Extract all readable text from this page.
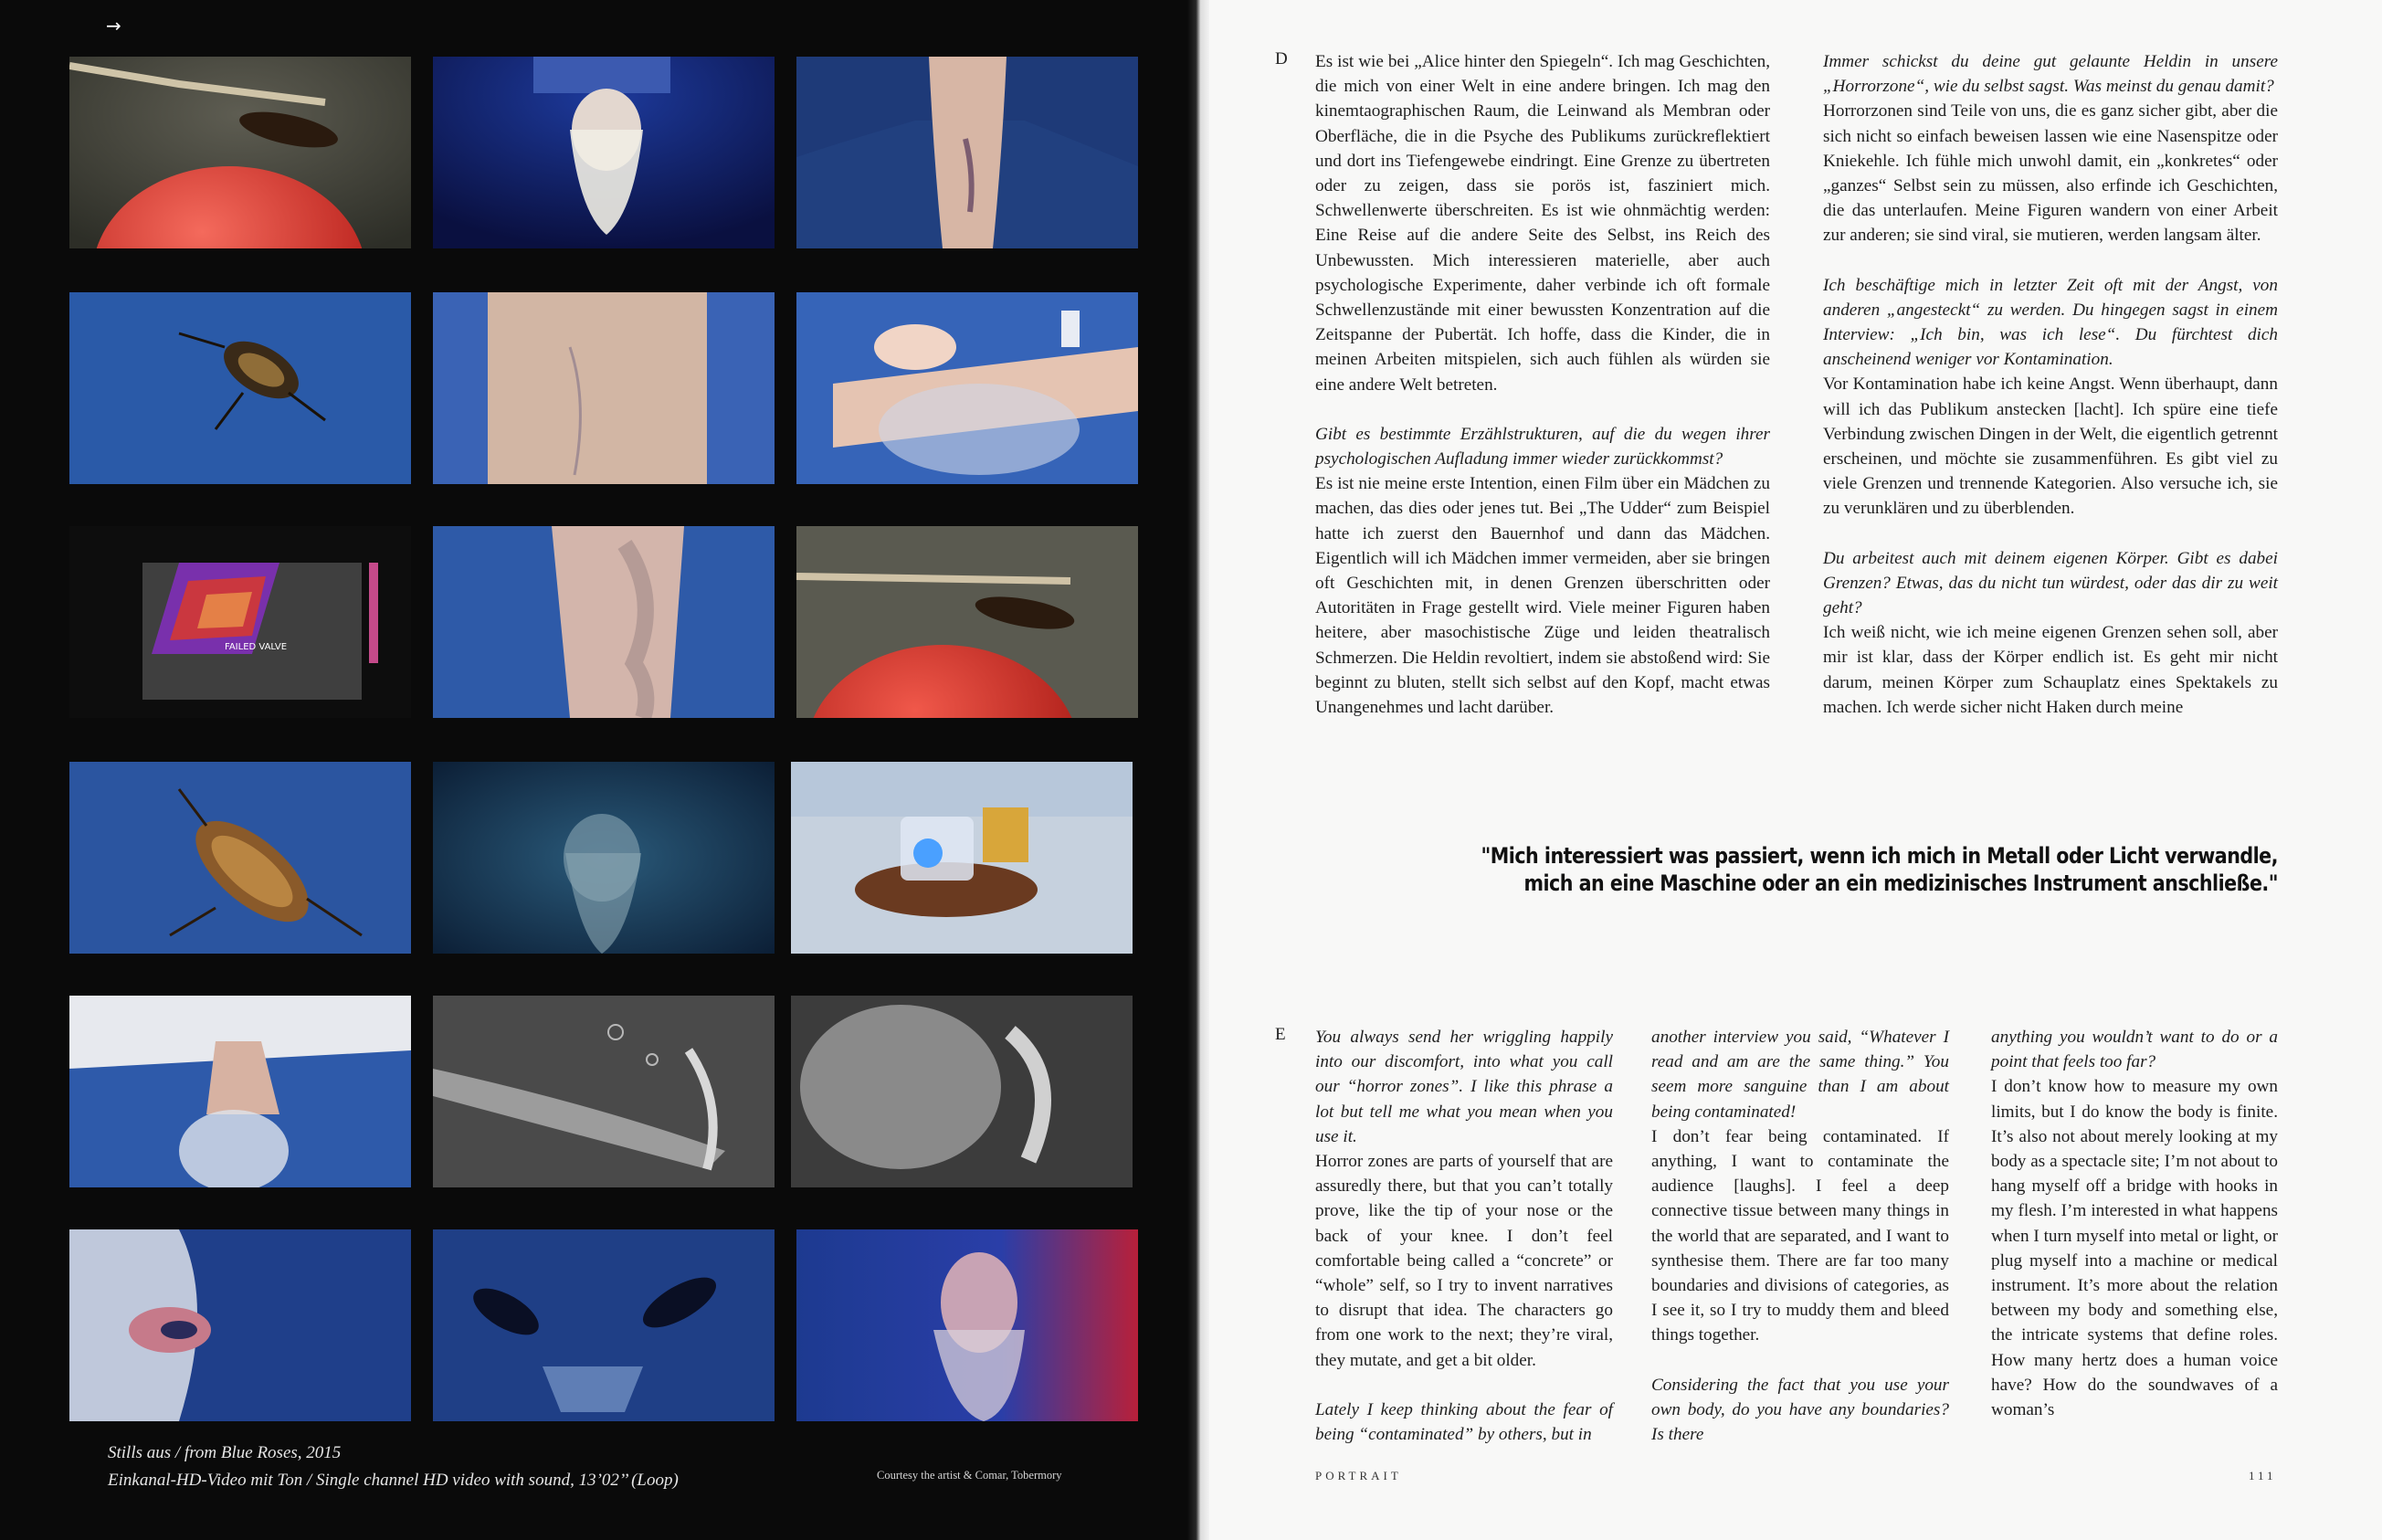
→
FAILED VALVE
Stills aus / from Blue Roses, 2015
Einkanal-HD-Video mit Ton / Single channel HD video with sound, 13’02’’ (Loop)	Courtesy the artist & Comar, Tobermory
D Es ist wie bei „Alice hinter den Spiegeln“. Ich mag Geschichten, die mich von einer Welt in eine andere bringen. Ich mag den kinemtaographischen Raum, die Leinwand als Membran oder Oberfläche, die in die Psyche des Publikums zurückreflektiert und dort ins Tiefengewebe eindringt. Eine Grenze zu übertreten oder zu zeigen, dass sie porös ist, fasziniert mich. Schwellenwerte überschreiten. Es ist wie ohnmächtig werden: Eine Reise auf die andere Seite des Selbst, ins Reich des Unbewussten. Mich interessieren materielle, aber auch psychologische Experimente, daher verbinde ich oft formale Schwellenzustände mit einer bewussten Konzentration auf die Zeitspanne der Pubertät. Ich hoffe, dass die Kinder, die in meinen Arbeiten mitspielen, sich auch fühlen als würden sie eine andere Welt betreten.

Gibt es bestimmte Erzählstrukturen, auf die du wegen ihrer psychologischen Aufladung immer wieder zurückkommst?

Es ist nie meine erste Intention, einen Film über ein Mädchen zu machen, das dies oder jenes tut. Bei „The Udder“ zum Beispiel hatte ich zuerst den Bauernhof und dann das Mädchen. Eigentlich will ich Mädchen immer vermeiden, aber sie bringen oft Geschichten mit, in denen Grenzen überschritten oder Autoritäten in Frage gestellt wird. Viele meiner Figuren haben heitere, aber masochistische Züge und leiden theatralisch Schmerzen. Die Heldin revoltiert, indem sie abstoßend wird: Sie beginnt zu bluten, stellt sich selbst auf den Kopf, macht etwas Unangenehmes und lacht darüber.

Immer schickst du deine gut gelaunte Heldin in unsere „Horrorzone“, wie du selbst sagst. Was meinst du genau damit?

Horrorzonen sind Teile von uns, die es ganz sicher gibt, aber die sich nicht so einfach beweisen lassen wie eine Nasenspitze oder Kniekehle. Ich fühle mich unwohl damit, ein „konkretes“ oder „ganzes“ Selbst sein zu müssen, also erfinde ich Geschichten, die das unterlaufen. Meine Figuren wandern von einer Arbeit zur anderen; sie sind viral, sie mutieren, werden langsam älter.

Ich beschäftige mich in letzter Zeit oft mit der Angst, von anderen „angesteckt“ zu werden. Du hingegen sagst in einem Interview: „Ich bin, was ich lese“. Du fürchtest dich anscheinend weniger vor Kontamination.

Vor Kontamination habe ich keine Angst. Wenn überhaupt, dann will ich das Publikum anstecken [lacht]. Ich spüre eine tiefe Verbindung zwischen Dingen in der Welt, die eigentlich getrennt erscheinen, und möchte sie zusammenführen. Es gibt viel zu viele Grenzen und trennende Kategorien. Also versuche ich, sie zu verunklären und zu überblenden.

Du arbeitest auch mit deinem eigenen Körper. Gibt es dabei Grenzen? Etwas, das du nicht tun würdest, oder das dir zu weit geht?

Ich weiß nicht, wie ich meine eigenen Grenzen sehen soll, aber mir ist klar, dass der Körper endlich ist. Es geht mir nicht darum, meinen Körper zum Schauplatz eines Spektakels zu machen. Ich werde sicher nicht Haken durch meine

"Mich interessiert was passiert, wenn ich mich in Metall oder Licht verwandle,
mich an eine Maschine oder an ein medizinisches Instrument anschließe."
E You always send her wriggling happily into our discomfort, into what you call our “horror zones”. I like this phrase a lot but tell me what you mean when you use it.

Horror zones are parts of yourself that are assuredly there, but that you can’t totally prove, like the tip of your nose or the back of your knee. I don’t feel comfortable being called a “concrete” or “whole” self, so I try to invent narratives to disrupt that idea. The characters go from one work to the next; they’re viral, they mutate, and get a bit older.

Lately I keep thinking about the fear of being “contaminated” by others, but in

another interview you said, “Whatever I read and am are the same thing.” You seem more sanguine than I am about being contaminated!

I don’t fear being contaminated. If anything, I want to contaminate the audience [laughs]. I feel a deep connective tissue between many things in the world that are separated, and I want to synthesise them. There are far too many boundaries and divisions of categories, as I see it, so I try to muddy them and bleed things together.

Considering the fact that you use your own body, do you have any boundaries? Is there

anything you wouldn’t want to do or a point that feels too far?

I don’t know how to measure my own limits, but I do know the body is finite. It’s also not about merely looking at my body as a spectacle site; I’m not about to hang myself off a bridge with hooks in my flesh. I’m interested in what happens when I turn myself into metal or light, or plug myself into a machine or medical instrument. It’s more about the relation between my body and something else, the intricate systems that define roles. How many hertz does a human voice have? How do the soundwaves of a woman’s

PORTRAIT	111
